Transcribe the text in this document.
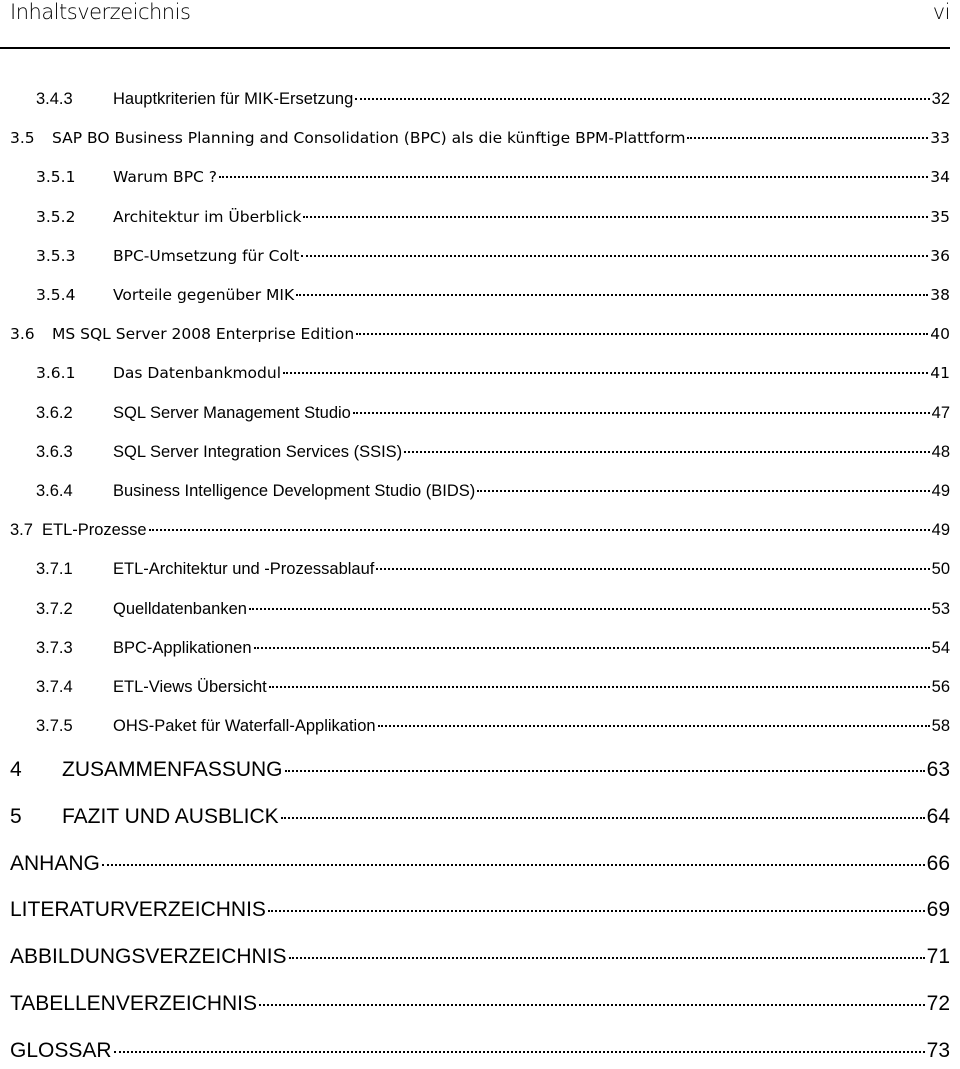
Inhaltsverzeichnis	vi
3.4.3	Hauptkriterien für MIK-Ersetzung	32
3.5	SAP BO Business Planning and Consolidation (BPC) als die künftige BPM-Plattform	33
3.5.1	Warum BPC ?	34
3.5.2	Architektur im Überblick	35
3.5.3	BPC-Umsetzung für Colt	36
3.5.4	Vorteile gegenüber MIK	38
3.6	MS SQL Server 2008 Enterprise Edition	40
3.6.1	Das Datenbankmodul	41
3.6.2	SQL Server Management Studio	47
3.6.3	SQL Server Integration Services (SSIS)	48
3.6.4	Business Intelligence Development Studio (BIDS)	49
3.7 ETL-Prozesse	49
3.7.1	ETL-Architektur und -Prozessablauf	50
3.7.2	Quelldatenbanken	53
3.7.3	BPC-Applikationen	54
3.7.4	ETL-Views Übersicht	56
3.7.5	OHS-Paket für Waterfall-Applikation	58
4	ZUSAMMENFASSUNG	63
5	FAZIT UND AUSBLICK	64
ANHANG	66
LITERATURVERZEICHNIS	69
ABBILDUNGSVERZEICHNIS	71
TABELLENVERZEICHNIS	72
GLOSSAR	73
